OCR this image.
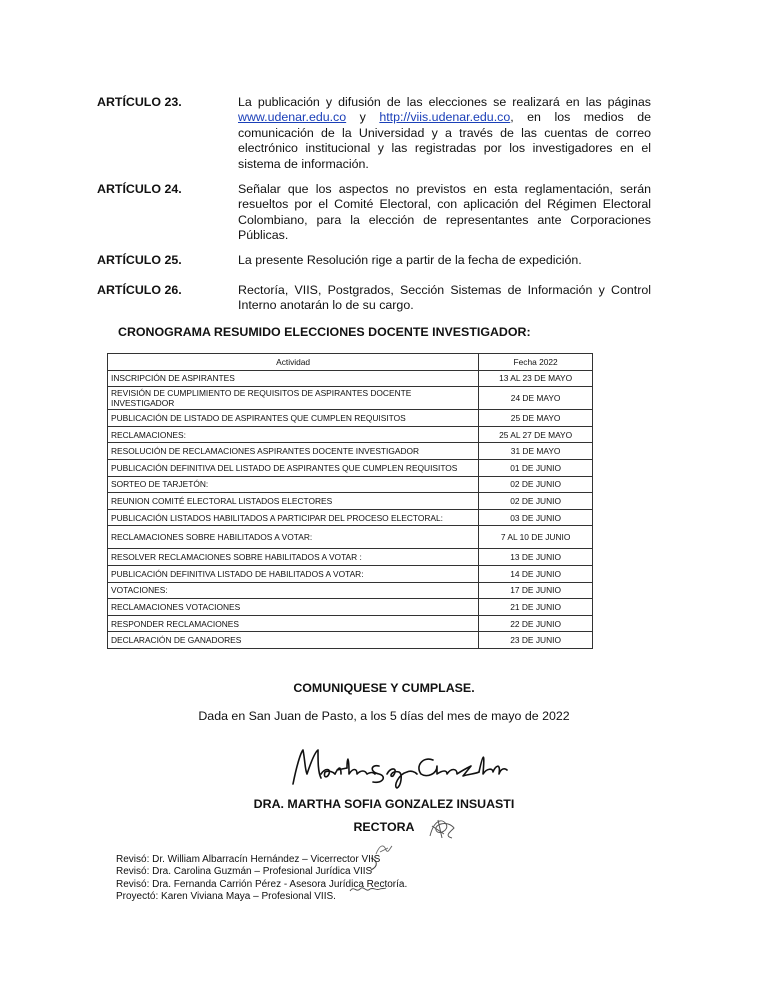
ARTÍCULO 23.	La publicación y difusión de las elecciones se realizará en las páginas www.udenar.edu.co y http://viis.udenar.edu.co, en los medios de comunicación de la Universidad y a través de las cuentas de correo electrónico institucional y las registradas por los investigadores en el sistema de información.
ARTÍCULO 24.	Señalar que los aspectos no previstos en esta reglamentación, serán resueltos por el Comité Electoral, con aplicación del Régimen Electoral Colombiano, para la elección de representantes ante Corporaciones Públicas.
ARTÍCULO 25.	La presente Resolución rige a partir de la fecha de expedición.
ARTÍCULO 26.	Rectoría, VIIS, Postgrados, Sección Sistemas de Información y Control Interno anotarán lo de su cargo.
CRONOGRAMA RESUMIDO ELECCIONES DOCENTE INVESTIGADOR:
Actividad	Fecha 2022
INSCRIPCIÓN DE ASPIRANTES	13 AL 23 DE MAYO
REVISIÓN DE CUMPLIMIENTO DE REQUISITOS DE ASPIRANTES DOCENTE INVESTIGADOR	24 DE MAYO
PUBLICACIÓN DE LISTADO DE ASPIRANTES QUE CUMPLEN REQUISITOS	25 DE MAYO
RECLAMACIONES:	25 AL 27 DE MAYO
RESOLUCIÓN DE RECLAMACIONES ASPIRANTES DOCENTE INVESTIGADOR	31 DE MAYO
PUBLICACIÓN DEFINITIVA DEL LISTADO DE ASPIRANTES QUE CUMPLEN REQUISITOS	01 DE JUNIO
SORTEO DE TARJETÓN:	02 DE JUNIO
REUNION COMITÉ ELECTORAL LISTADOS ELECTORES	02 DE JUNIO
PUBLICACIÓN LISTADOS HABILITADOS A PARTICIPAR DEL PROCESO ELECTORAL:	03 DE JUNIO
RECLAMACIONES SOBRE HABILITADOS A VOTAR:	7 AL 10 DE JUNIO
RESOLVER RECLAMACIONES SOBRE HABILITADOS A VOTAR :	13 DE JUNIO
PUBLICACIÓN DEFINITIVA LISTADO DE HABILITADOS A VOTAR:	14 DE JUNIO
VOTACIONES:	17 DE JUNIO
RECLAMACIONES VOTACIONES	21 DE JUNIO
RESPONDER RECLAMACIONES	22 DE JUNIO
DECLARACIÓN DE GANADORES	23 DE JUNIO
COMUNIQUESE Y CUMPLASE.
Dada en San Juan de Pasto, a los 5 días del mes de mayo de 2022
DRA. MARTHA SOFIA GONZALEZ INSUASTI
RECTORA
Revisó: Dr. William Albarracín Hernández – Vicerrector VIIS
Revisó: Dra. Carolina Guzmán – Profesional Jurídica VIIS
Revisó: Dra. Fernanda Carrión Pérez - Asesora Jurídica Rectoría.
Proyectó: Karen Viviana Maya – Profesional VIIS.
